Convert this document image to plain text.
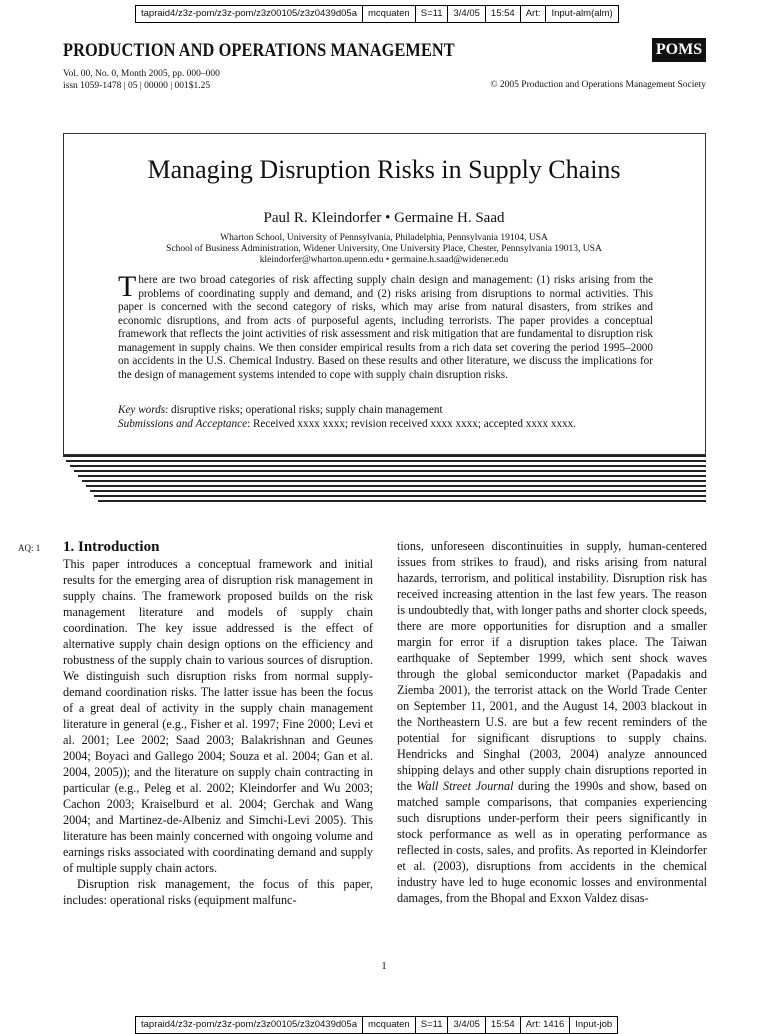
tapraid4/z3z-pom/z3z-pom/z3z00105/z3z0439d05a	mcquaten	S=11	3/4/05	15:54	Art:	Input-alm(alm)
PRODUCTION AND OPERATIONS MANAGEMENT	POMS
Vol. 00, No. 0, Month 2005, pp. 000–000
issn 1059-1478 | 05 | 00000 | 001$1.25	© 2005 Production and Operations Management Society
Managing Disruption Risks in Supply Chains
Paul R. Kleindorfer • Germaine H. Saad
Wharton School, University of Pennsylvania, Philadelphia, Pennsylvania 19104, USA
School of Business Administration, Widener University, One University Place, Chester, Pennsylvania 19013, USA
kleindorfer@wharton.upenn.edu • germaine.h.saad@widener.edu
There are two broad categories of risk affecting supply chain design and management: (1) risks arising from the problems of coordinating supply and demand, and (2) risks arising from disruptions to normal activities. This paper is concerned with the second category of risks, which may arise from natural disasters, from strikes and economic disruptions, and from acts of purposeful agents, including terrorists. The paper provides a conceptual framework that reflects the joint activities of risk assessment and risk mitigation that are fundamental to disruption risk management in supply chains. We then consider empirical results from a rich data set covering the period 1995–2000 on accidents in the U.S. Chemical Industry. Based on these results and other literature, we discuss the implications for the design of management systems intended to cope with supply chain disruption risks.
Key words: disruptive risks; operational risks; supply chain management
Submissions and Acceptance: Received xxxx xxxx; revision received xxxx xxxx; accepted xxxx xxxx.
AQ: 1 1. Introduction

This paper introduces a conceptual framework and initial results for the emerging area of disruption risk management in supply chains. The framework proposed builds on the risk management literature and models of supply chain coordination. The key issue addressed is the effect of alternative supply chain design options on the efficiency and robustness of the supply chain to various sources of disruption. We distinguish such disruption risks from normal supply-demand coordination risks. The latter issue has been the focus of a great deal of activity in the supply chain management literature in general (e.g., Fisher et al. 1997; Fine 2000; Levi et al. 2001; Lee 2002; Saad 2003; Balakrishnan and Geunes 2004; Boyaci and Gallego 2004; Souza et al. 2004; Gan et al. 2004, 2005)); and the literature on supply chain contracting in particular (e.g., Peleg et al. 2002; Kleindorfer and Wu 2003; Cachon 2003; Kraiselburd et al. 2004; Gerchak and Wang 2004; and Martinez-de-Albeniz and Simchi-Levi 2005). This literature has been mainly concerned with ongoing volume and earnings risks associated with coordinating demand and supply of multiple supply chain actors.

Disruption risk management, the focus of this paper, includes: operational risks (equipment malfunc-

tions, unforeseen discontinuities in supply, human-centered issues from strikes to fraud), and risks arising from natural hazards, terrorism, and political instability. Disruption risk has received increasing attention in the last few years. The reason is undoubtedly that, with longer paths and shorter clock speeds, there are more opportunities for disruption and a smaller margin for error if a disruption takes place. The Taiwan earthquake of September 1999, which sent shock waves through the global semiconductor market (Papadakis and Ziemba 2001), the terrorist attack on the World Trade Center on September 11, 2001, and the August 14, 2003 blackout in the Northeastern U.S. are but a few recent reminders of the potential for significant disruptions to supply chains. Hendricks and Singhal (2003, 2004) analyze announced shipping delays and other supply chain disruptions reported in the Wall Street Journal during the 1990s and show, based on matched sample comparisons, that companies experiencing such disruptions under-perform their peers significantly in stock performance as well as in operating performance as reflected in costs, sales, and profits. As reported in Kleindorfer et al. (2003), disruptions from accidents in the chemical industry have led to huge economic losses and environmental damages, from the Bhopal and Exxon Valdez disas-

1
tapraid4/z3z-pom/z3z-pom/z3z00105/z3z0439d05a	mcquaten	S=11	3/4/05	15:54	Art: 1416	Input-job
